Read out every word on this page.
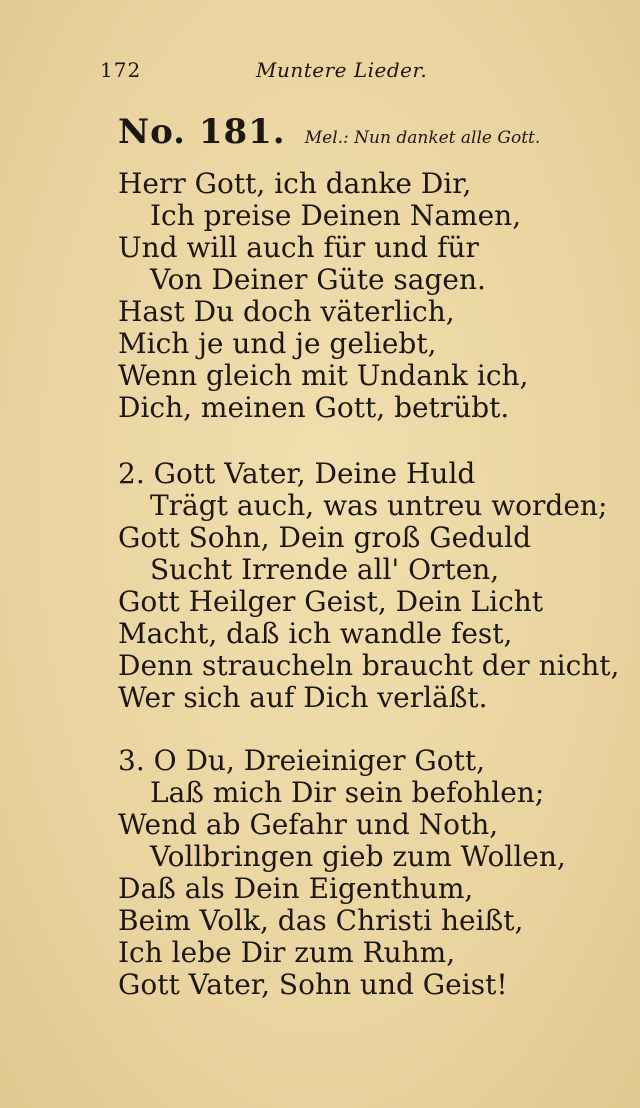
172	Muntere Lieder.
No. 181. Mel.: Nun danket alle Gott.
Herr Gott, ich danke Dir,
Ich preise Deinen Namen,
Und will auch für und für
Von Deiner Güte sagen.
Hast Du doch väterlich,
Mich je und je geliebt,
Wenn gleich mit Undank ich,
Dich, meinen Gott, betrübt.
2. Gott Vater, Deine Huld
Trägt auch, was untreu worden;
Gott Sohn, Dein groß Geduld
Sucht Irrende all' Orten,
Gott Heilger Geist, Dein Licht
Macht, daß ich wandle fest,
Denn straucheln braucht der nicht,
Wer sich auf Dich verläßt.
3. O Du, Dreieiniger Gott,
Laß mich Dir sein befohlen;
Wend ab Gefahr und Noth,
Vollbringen gieb zum Wollen,
Daß als Dein Eigenthum,
Beim Volk, das Christi heißt,
Ich lebe Dir zum Ruhm,
Gott Vater, Sohn und Geist!
